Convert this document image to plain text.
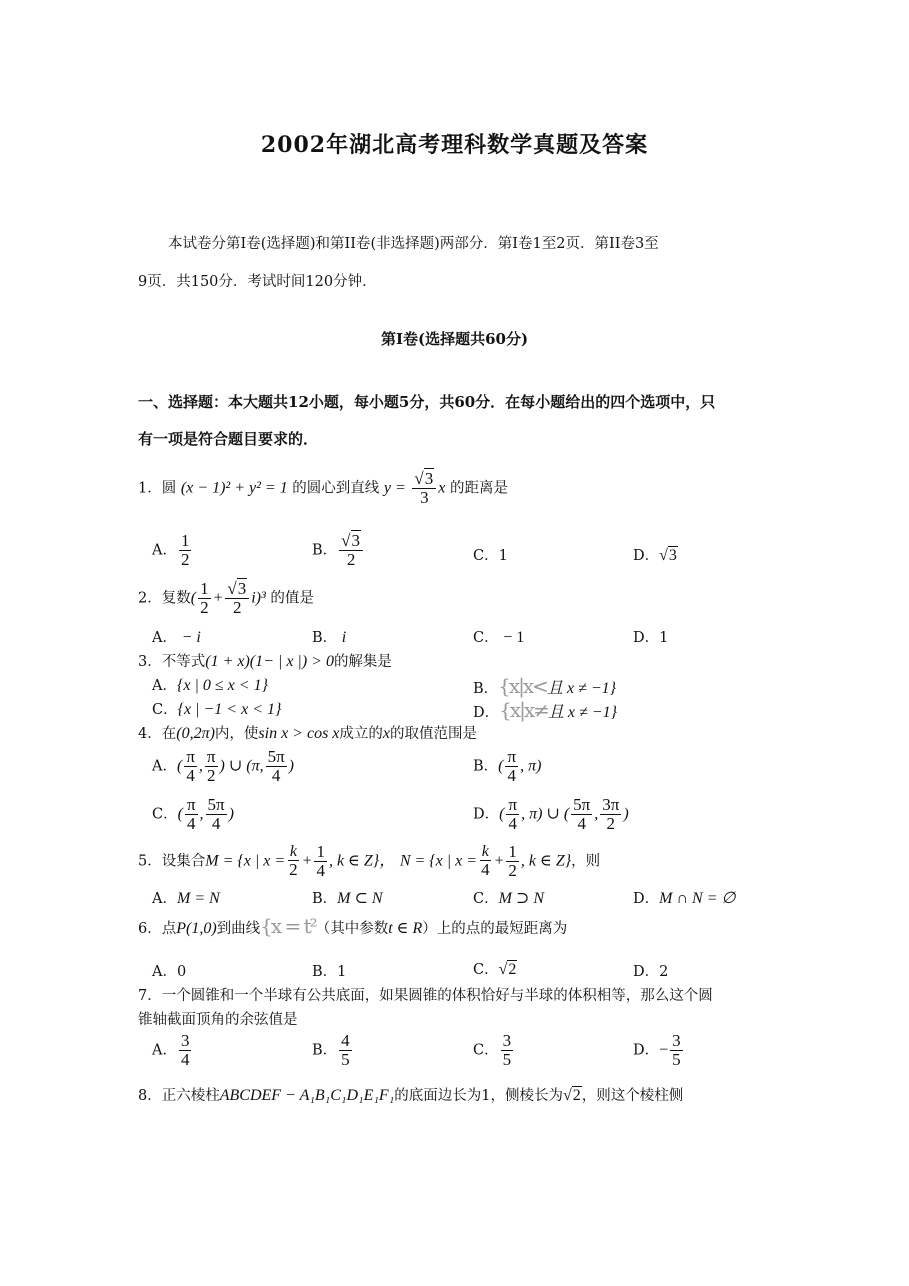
2002年湖北高考理科数学真题及答案
本试卷分第I卷(选择题)和第II卷(非选择题)两部分．第I卷1至2页．第II卷3至
9页．共150分．考试时间120分钟．
第I卷(选择题共60分)
一、选择题：本大题共12小题，每小题5分，共60分．在每小题给出的四个选项中，只
有一项是符合题目要求的．
1．圆 (x − 1)² + y² = 1 的圆心到直线 y = √ $\frac{3}{3}$ x 的距离是
A． $\frac{1}{2}$	B． √ $\frac{3}{2}$	C．1	D． √ 3
2．复数( $\frac{1}{2}$ + √ $\frac{3}{2} i)^3$ 的值是
A． − i	B． i	C． − 1	D．1
3．不等式(1 + x)(1− | x |) > 0的解集是
A．{x | 0 ≤ x < 1}	B．{x|x<且 x ≠ −1}
C．{x | −1 < x < 1}	D．{x|x≠且 x ≠ −1}
4．在(0,2π)内，使sin x > cos x成立的x的取值范围是
A．( $\frac{\pi}{4}$ , $\frac{\pi}{2}$ ) ∪ (π, $\frac{5\pi}{4}$ )	B．( $\frac{\pi}{4}$ , π)
C．( $\frac{\pi}{4}$ , $\frac{5\pi}{4}$ )	D．( $\frac{\pi}{4}$ , π) ∪ ( $\frac{5\pi}{4}$ , $\frac{3\pi}{2}$ )
5．设集合M = {x | $x = \frac{k}{2} + \frac{1}{4}$ , k ∈ Z}， N = {x | $x = \frac{k}{4} + \frac{1}{2}$ , k ∈ Z}，则
A．M = N	B．M ⊂ N	C．M ⊃ N	D．M ∩ N = ∅
6．点P(1,0)到曲线{x = t²（其中参数t ∈ R）上的点的最短距离为
A．0	B．1	C． √ 2	D．2
7．一个圆锥和一个半球有公共底面，如果圆锥的体积恰好与半球的体积相等，那么这个圆
锥轴截面顶角的余弦值是
A． $\frac{3}{4}$	B． $\frac{4}{5}$	C． $\frac{3}{5}$	D．− $\frac{3}{5}$
8．正六棱柱ABCDEF − A₁B₁C₁D₁E₁F₁的底面边长为1，侧棱长为 √ 2，则这个棱柱侧
